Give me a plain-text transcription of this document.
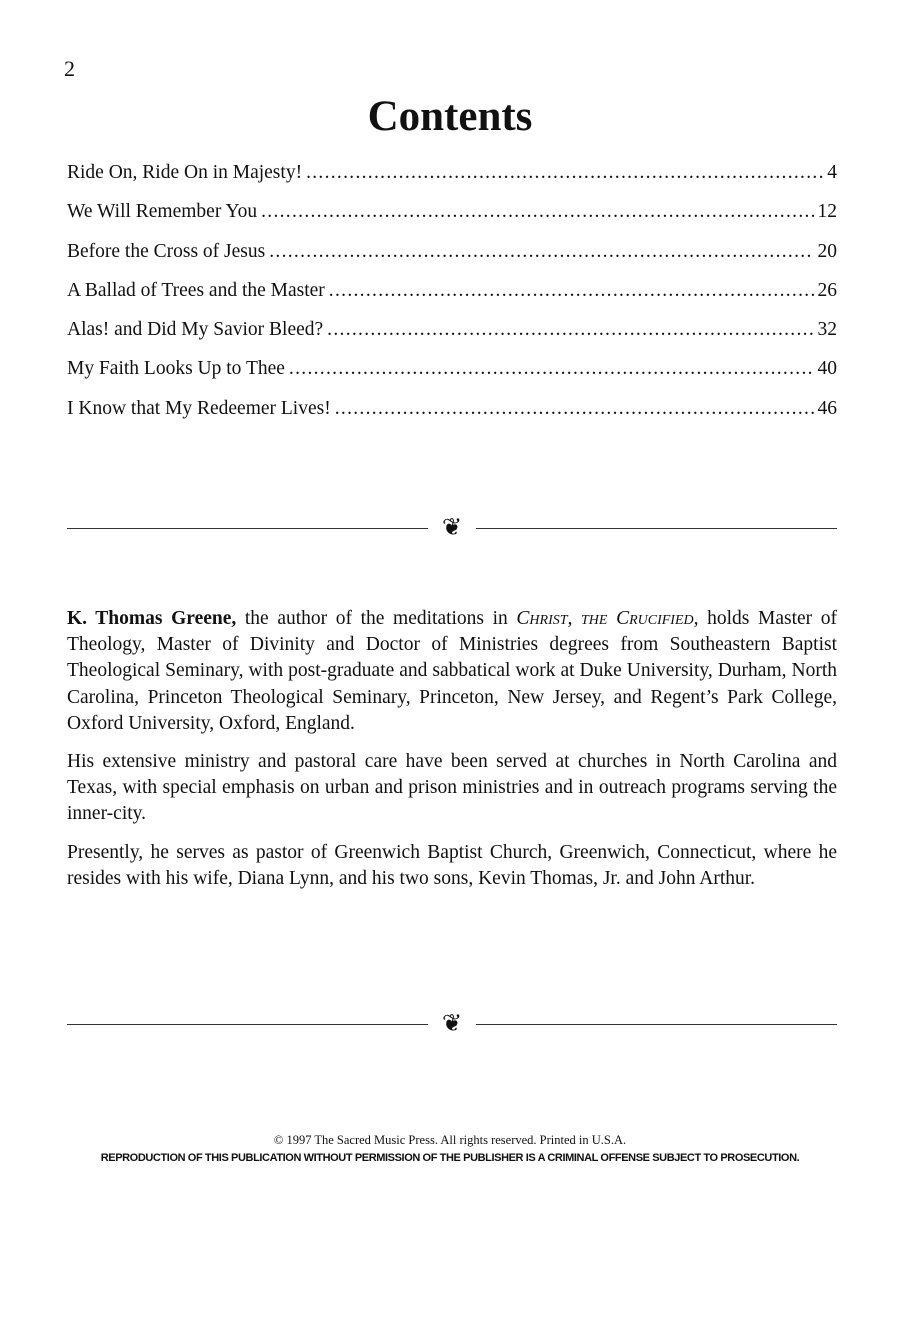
2
Contents
Ride On, Ride On in Majesty! .....	4
We Will Remember You .....	12
Before the Cross of Jesus .....	20
A Ballad of Trees and the Master .....	26
Alas! and Did My Savior Bleed? .....	32
My Faith Looks Up to Thee .....	40
I Know that My Redeemer Lives! .....	46
❦

K. Thomas Greene, the author of the meditations in Christ, the Crucified, holds Master of Theology, Master of Divinity and Doctor of Ministries degrees from Southeastern Baptist Theological Seminary, with post-graduate and sabbatical work at Duke University, Durham, North Carolina, Princeton Theological Seminary, Princeton, New Jersey, and Regent’s Park College, Oxford University, Oxford, England.

His extensive ministry and pastoral care have been served at churches in North Carolina and Texas, with special emphasis on urban and prison ministries and in outreach programs serving the inner-city.

Presently, he serves as pastor of Greenwich Baptist Church, Greenwich, Connecticut, where he resides with his wife, Diana Lynn, and his two sons, Kevin Thomas, Jr. and John Arthur.

❦
© 1997 The Sacred Music Press. All rights reserved. Printed in U.S.A.
REPRODUCTION OF THIS PUBLICATION WITHOUT PERMISSION OF THE PUBLISHER IS A CRIMINAL OFFENSE SUBJECT TO PROSECUTION.
